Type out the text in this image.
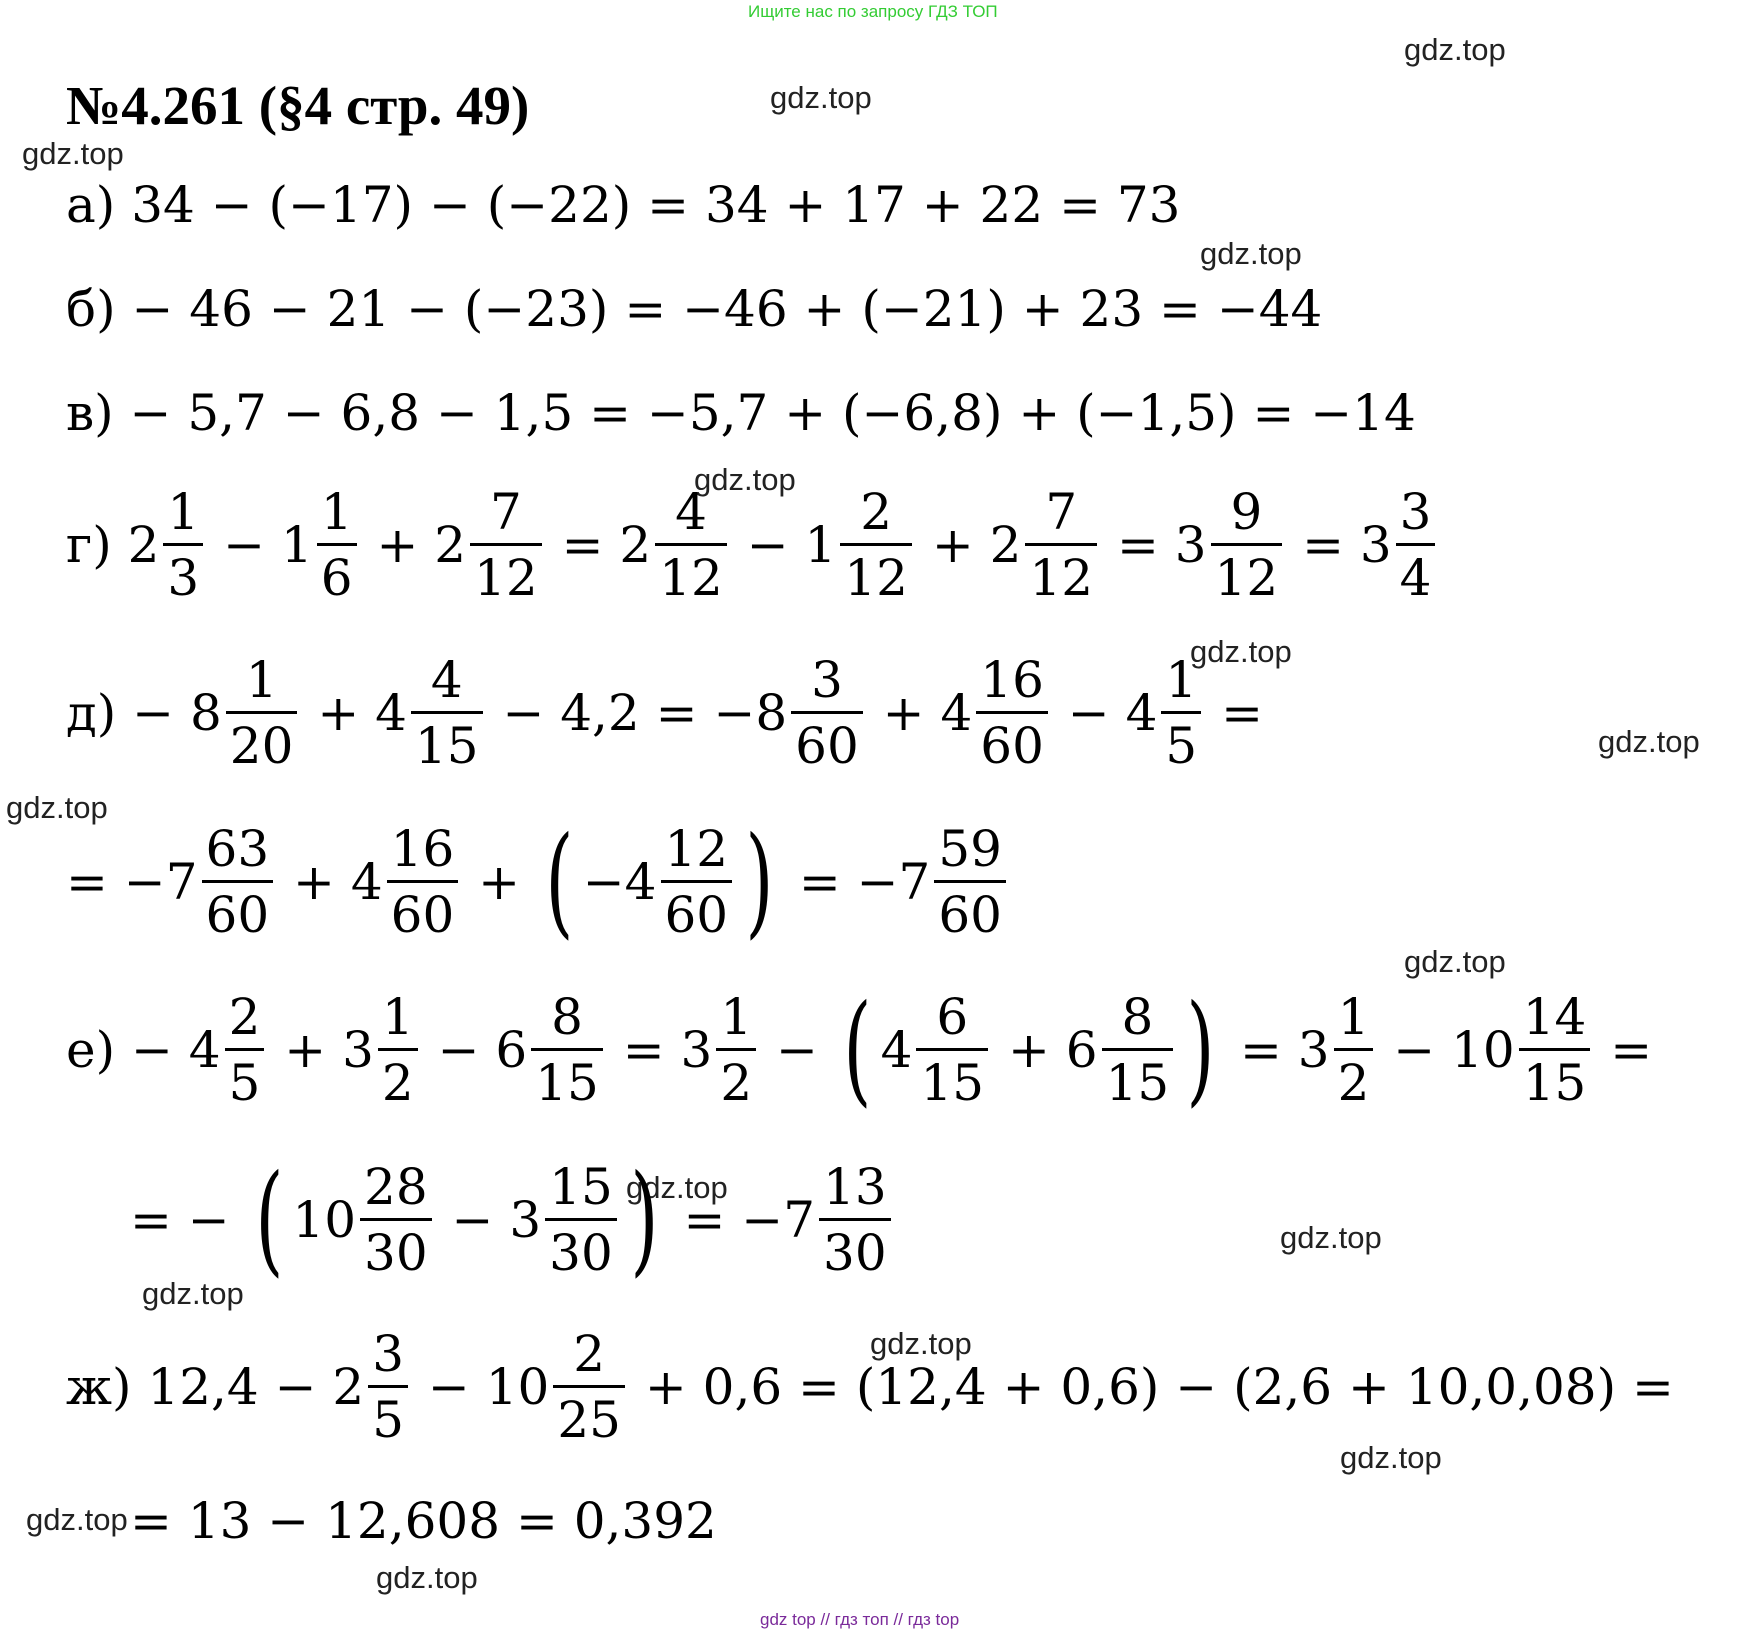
Ищите нас по запросу ГДЗ ТОП
№4.261 (§4 стр. 49)
gdz.top
gdz.top
gdz.top
gdz.top
gdz.top
gdz.top
gdz.top
gdz.top
gdz.top
gdz.top
gdz.top
gdz.top
gdz.top
gdz.top
gdz.top
gdz.top
а) 34 − (−17) − (−22) = 34 + 17 + 22 = 73
б) − 46 − 21 − (−23) = −46 + (−21) + 23 = −44
в) − 5,7 − 6,8 − 1,5 = −5,7 + (−6,8) + (−1,5) = −14
г) $2 \frac{1}{3} - 1 \frac{1}{6} + 2 \frac{7}{12} = 2 \frac{4}{12} - 1 \frac{2}{12} + 2 \frac{7}{12} = 3 \frac{9}{12} = 3 \frac{3}{4}$
$д) - 8 \frac{1}{20} + 4 \frac{4}{15} - 4,2 = -8 \frac{3}{60} + 4 \frac{16}{60} - 4 \frac{1}{5}$ =
= $-7 \frac{63}{60} + 4 \frac{16}{60}$ + ( $-4 \frac{12}{60}$ ) = $-7 \frac{59}{60}$
$е) - 4 \frac{2}{5} + 3 \frac{1}{2} - 6 \frac{8}{15} = 3 \frac{1}{2}$ − ( $4 \frac{6}{15} + 6 \frac{8}{15}$ ) = $3 \frac{1}{2} - 10 \frac{14}{15}$ =
= − ( $10 \frac{28}{30} - 3 \frac{15}{30}$ ) = $-7 \frac{13}{30}$
ж) $12,4 - 2 \frac{3}{5} - 10 \frac{2}{25} + 0,6 = (12,4 + 0,6) - (2,6 + 10,0,08)$ =
= 13 − 12,608 = 0,392
gdz top // гдз топ // гдз top
